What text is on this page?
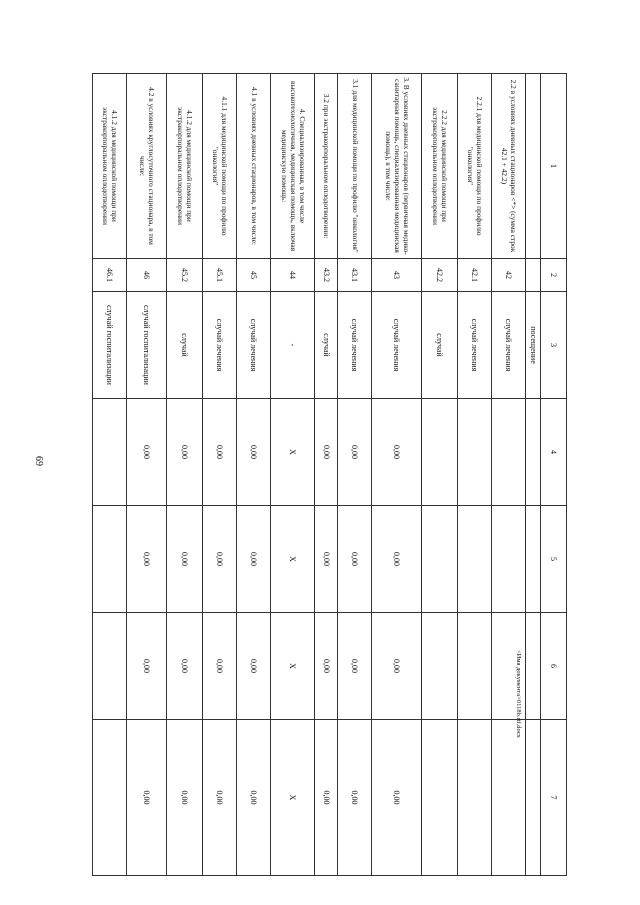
69
1	2	3	4	5	6	7
		посещение				
2.2 в условиях дневных стационаров <*> (сумма строк 42.1 + 42.2)	42	случай лечения				
2.2.1 для медицинской помощи по профилю "онкология"	42.1	случай лечения				
2.2.2 для медицинской помощи при экстракорпоральном оплодотворении	42.2	случай				
3. В условиях дневных стационаров (первичная медико-санитарная помощь, специализированная медицинская помощь), в том числе:	43	случай лечения	0,00	0,00	0,00	0,00
3.1 для медицинской помощи по профилю "онкология"	43.1	случай лечения	0,00	0,00	0,00	0,00
3.2 при экстракорпоральном оплодотворении:	43.2	случай	0,00	0,00	0,00	0,00
4. Специализированная, в том числе высокотехнологичная, медицинская помощь, включая медицинскую помощь:	44	-	X	X	X	X
4.1 в условиях дневных стационаров, в том числе:	45	случай лечения	0,00	0,00	0,00	0,00
4.1.1 для медицинской помощи по профилю "онкология"	45.1	случай лечения	0,00	0,00	0,00	0,00
4.1.2 для медицинской помощи при экстракорпоральном оплодотворении	45.2	случай	0,00	0,00	0,00	0,00
4.2 в условиях круглосуточного стационара, в том числе:	46	случай госпитализации	0,00	0,00	0,00	0,00
4.1.2 для медицинской помощи при экстракорпоральном оплодотворении	46.1	случай госпитализации				
<Имя документа>0118b.rtf.docx
